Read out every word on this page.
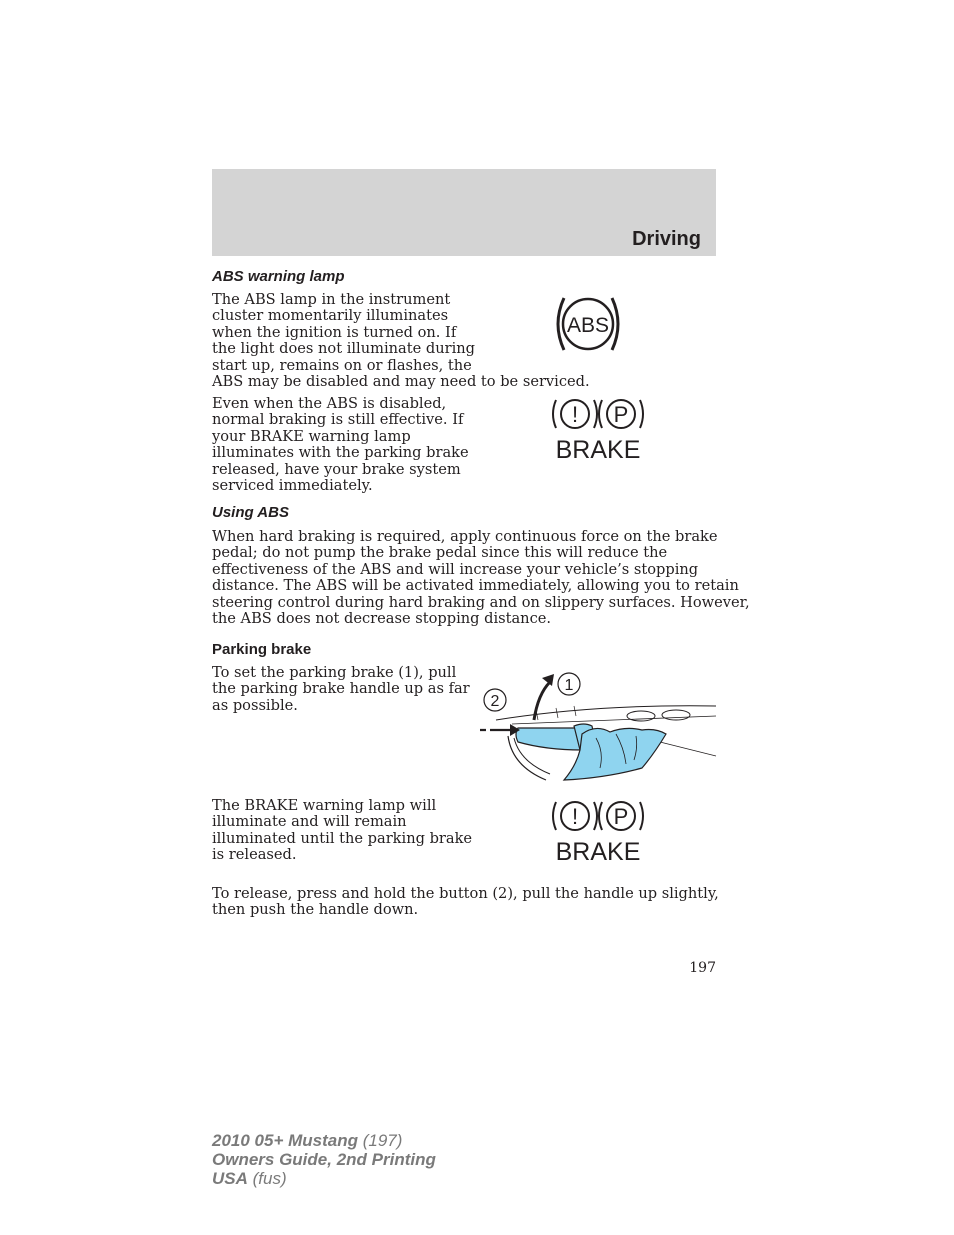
Driving
ABS warning lamp
The ABS lamp in the instrument
cluster momentarily illuminates
when the ignition is turned on. If
the light does not illuminate during
start up, remains on or flashes, the
ABS may be disabled and may need to be serviced.
ABS
Even when the ABS is disabled,
normal braking is still effective. If
your BRAKE warning lamp
illuminates with the parking brake
released, have your brake system
serviced immediately.
! P
BRAKE
Using ABS
When hard braking is required, apply continuous force on the brake
pedal; do not pump the brake pedal since this will reduce the
effectiveness of the ABS and will increase your vehicle’s stopping
distance. The ABS will be activated immediately, allowing you to retain
steering control during hard braking and on slippery surfaces. However,
the ABS does not decrease stopping distance.
Parking brake
To set the parking brake (1), pull
the parking brake handle up as far
as possible.
1
2
The BRAKE warning lamp will
illuminate and will remain
illuminated until the parking brake
is released.
! P
BRAKE
To release, press and hold the button (2), pull the handle up slightly,
then push the handle down.
197
2010 05+ Mustang (197)
Owners Guide, 2nd Printing
USA (fus)
